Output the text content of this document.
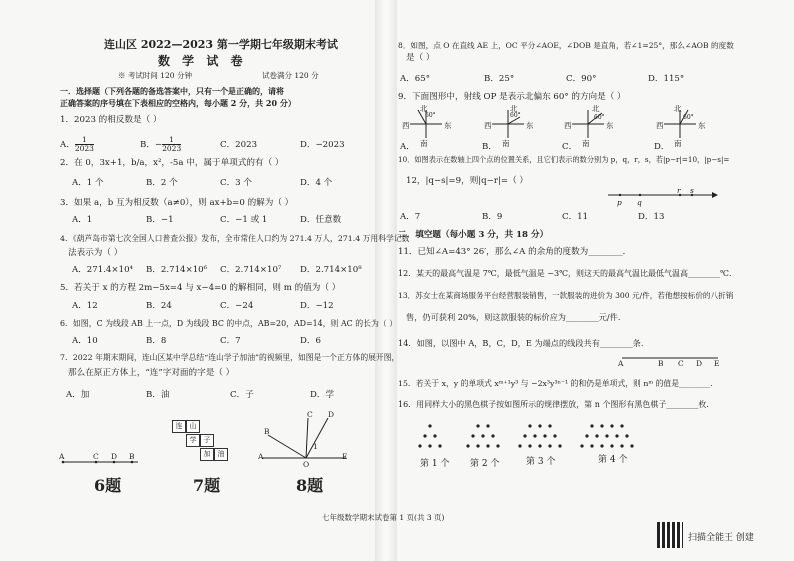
连山区 2022—2023 第一学期七年级期末考试
数 学 试 卷
※ 考试时间 120 分钟	试卷满分 120 分
一．选择题（下列各题的备选答案中，只有一个是正确的，请将
正确答案的序号填在下表相应的空格内，每小题 2 分，共 20 分）
1．2023 的相反数是（ ）
A． $\frac{1}{2023}$	B．− $\frac{1}{2023}$	C．2023	D．−2023
2．在 0，3x+1，b/a，x²，-5a 中，属于单项式的有（ ）
A．1 个	B．2 个	C．3 个	D．4 个
3．如果 a，b 互为相反数（a≠0），则 ax+b=0 的解为（ ）
A．1	B．−1	C．−1 或 1	D．任意数
4．《葫芦岛市第七次全国人口普查公报》发布，全市常住人口约为 271.4 万人，271.4 万用科学记数
法表示为（ ）
A．271.4×10⁴ B．2.714×10⁶ C．2.714×10⁷ D．2.714×10⁸
5．若关于 x 的方程 2m−5x=4 与 x−4=0 的解相同，则 m 的值为（ ）
A．12	B．24	C．−24	D．−12
6．如图，C 为线段 AB 上一点，D 为线段 BC 的中点，AB=20，AD=14，则 AC 的长为（ ）
A．10	B．8	C．7	D．6
7．2022 年期末期间，连山区某中学总结“连山学子加油”的视频里，如图是一个正方体的展开图，
那么在原正方体上，“连”字对面的字是（ ）
A．加	B．油	C．子	D．学
A	C D B
6题
连	山
学	子
加	油
7题
A
B
C D
E
O
1
8题
8．如图，点 O 在直线 AE 上，OC 平分∠AOE，∠DOB 是直角，若∠1=25°，那么∠AOB 的度数
是（ ）
A．65°	B．25°	C．90°	D．115°
9．下面图形中，射线 OP 是表示北偏东 60° 的方向是（ ）
北
西	东
南
北
西	东
南
北
西	东
南
北
西	东
南
60°	60°	60°	60°
A．	B．	C．	D．
10．如图表示在数轴上四个点的位置关系，且它们表示的数分别为 p，q，r，s，若|p−r|=10，|p−s|=
12，|q−s|=9，则|q−r|=（ ）
A．7	B．9	C．11	D．13
p q
r s
二．填空题（每小题 3 分，共 18 分）
11．已知∠A=43° 26′，那么∠A 的余角的度数为________．
12．某天的最高气温是 7℃，最低气温是 −3℃，则这天的最高气温比最低气温高________℃．
13．苏女士在某商场服务平台经营服装销售，一款服装的进价为 300 元/件，若他想按标价的八折销
售，仍可获利 20%，则这款服装的标价应为________元/件．
14．如图，以图中 A，B，C，D，E 为端点的线段共有________条．
A	B C D E
15．若关于 x，y 的单项式 xᵐ⁺¹y³ 与 −2x³y³ⁿ⁻¹ 的和仍是单项式，则 nᵐ 的值是________．
16．用同样大小的黑色棋子按如图所示的规律摆放，第 n 个图形有黑色棋子________枚．
第 1 个 第 2 个	第 3 个	第 4 个
七年级数学期末试卷第 1 页(共 3 页)
扫描全能王 创建
